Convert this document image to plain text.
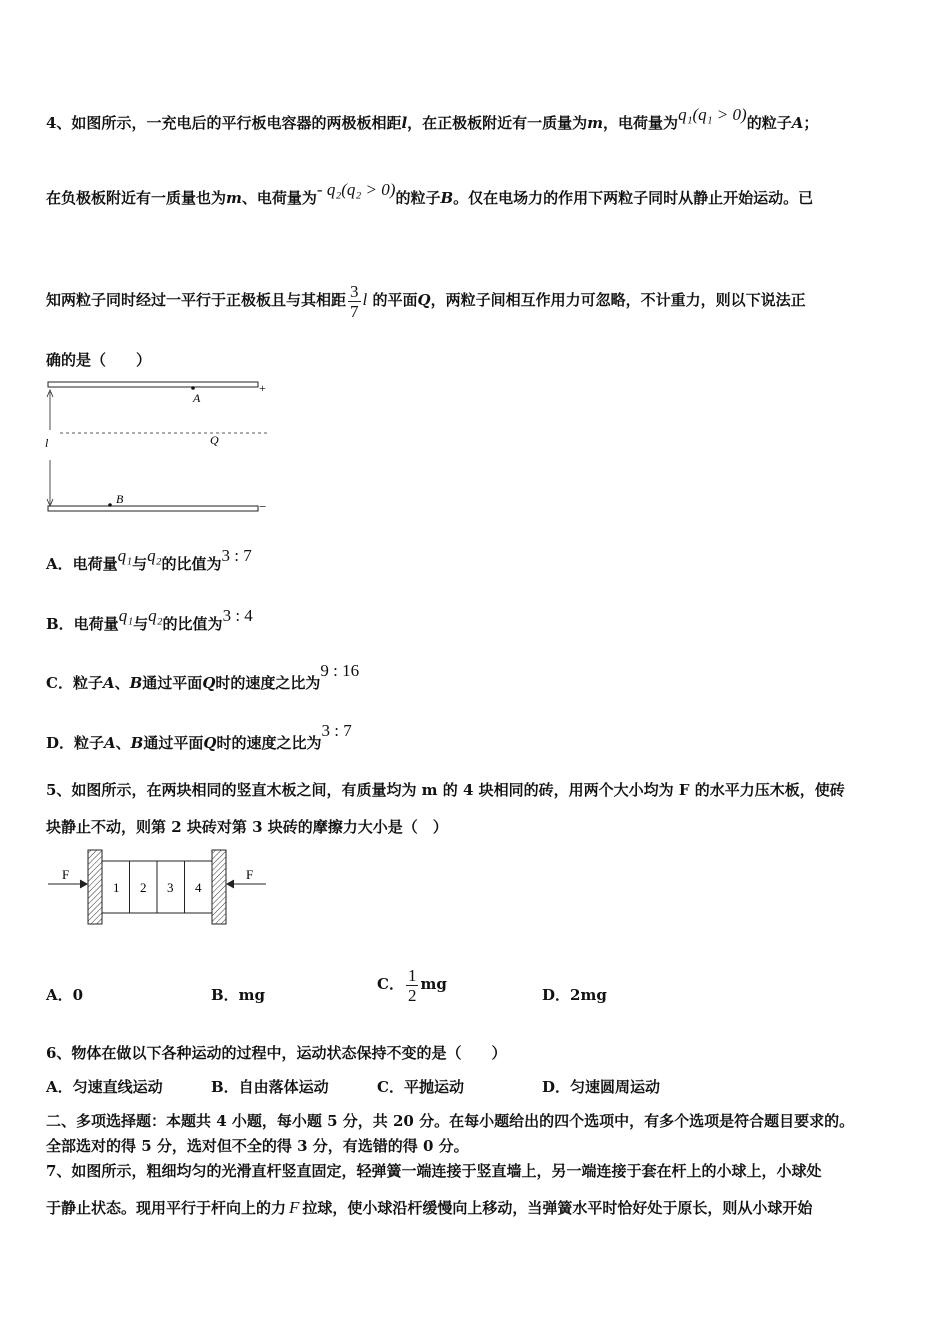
4、如图所示，一充电后的平行板电容器的两极板相距l，在正极板附近有一质量为m，电荷量为q₁(q₁ > 0)的粒子A；
在负极板附近有一质量也为m、电荷量为- q₂(q₂ > 0)的粒子B。仅在电场力的作用下两粒子同时从静止开始运动。已
知两粒子同时经过一平行于正极板且与其相距 $\frac{3}{7}$ l 的平面Q，两粒子间相互作用力可忽略，不计重力，则以下说法正
确的是（　　）
+
−
A
B
Q
l
A．电荷量q₁与q₂的比值为3 : 7
B．电荷量q₁与q₂的比值为3 : 4
C．粒子A、B通过平面Q时的速度之比为9 : 16
D．粒子A、B通过平面Q时的速度之比为3 : 7
5、如图所示，在两块相同的竖直木板之间，有质量均为 m 的 4 块相同的砖，用两个大小均为 F 的水平力压木板，使砖
块静止不动，则第 2 块砖对第 3 块砖的摩擦力大小是（　）
1 2 3 4
F	F
A．0	B．mg
C． $\frac{1}{2}$ mg
D．2mg
6、物体在做以下各种运动的过程中，运动状态保持不变的是（　　）
A．匀速直线运动	B．自由落体运动	C．平抛运动	D．匀速圆周运动
二、多项选择题：本题共 4 小题，每小题 5 分，共 20 分。在每小题给出的四个选项中，有多个选项是符合题目要求的。
全部选对的得 5 分，选对但不全的得 3 分，有选错的得 0 分。
7、如图所示，粗细均匀的光滑直杆竖直固定，轻弹簧一端连接于竖直墙上，另一端连接于套在杆上的小球上，小球处
于静止状态。现用平行于杆向上的力 F 拉球，使小球沿杆缓慢向上移动，当弹簧水平时恰好处于原长，则从小球开始
